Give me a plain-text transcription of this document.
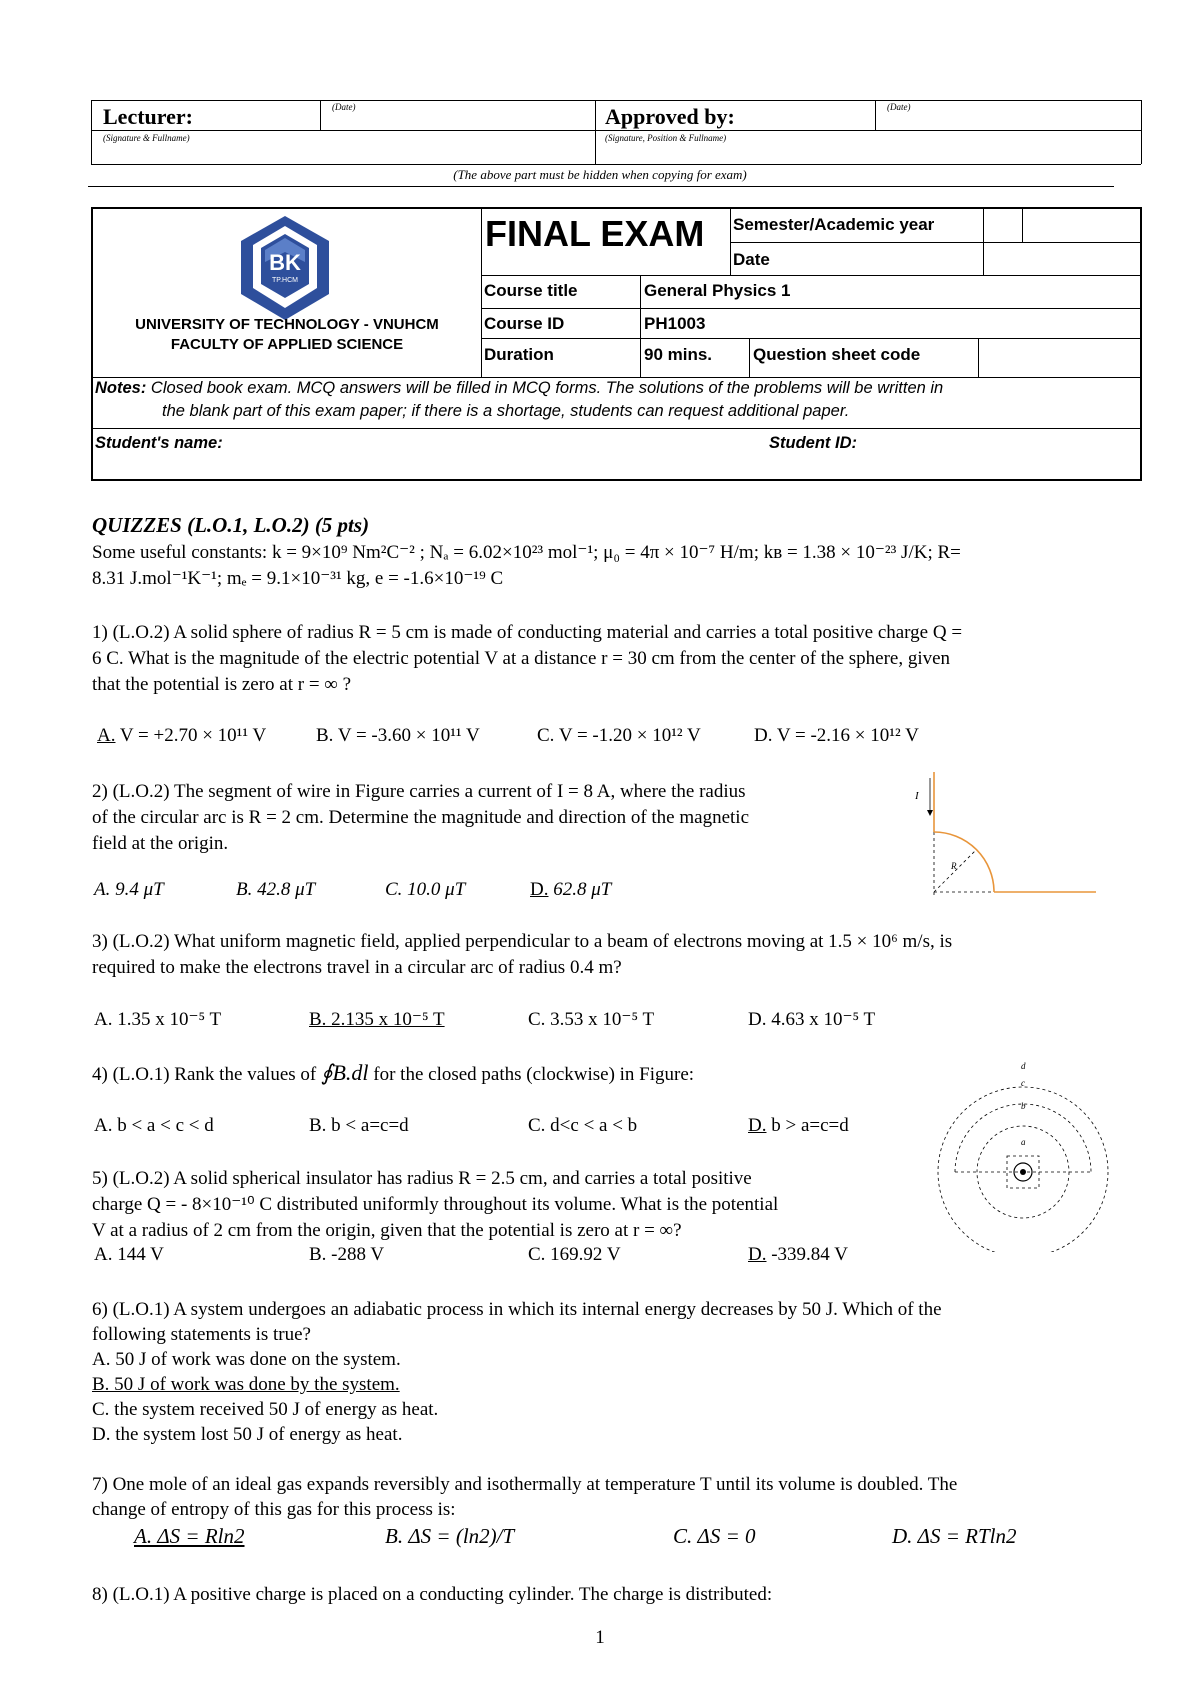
Lecturer:	(Date)
(Signature & Fullname)
Approved by:	(Date)
(Signature, Position & Fullname)
(The above part must be hidden when copying for exam)
BK
TP.HCM
UNIVERSITY OF TECHNOLOGY - VNUHCM
FACULTY OF APPLIED SCIENCE
FINAL EXAM Semester/Academic year
Date
Course title	General Physics 1
Course ID	PH1003
Duration	90 mins. Question sheet code
Notes: Closed book exam. MCQ answers will be filled in MCQ forms. The solutions of the problems will be written in
the blank part of this exam paper; if there is a shortage, students can request additional paper.
Student's name:	Student ID:
QUIZZES (L.O.1, L.O.2) (5 pts)
Some useful constants: k = 9×10⁹ Nm²C⁻² ; Nₐ = 6.02×10²³ mol⁻¹; μ₀ = 4π × 10⁻⁷ H/m; kʙ = 1.38 × 10⁻²³ J/K; R=
8.31 J.mol⁻¹K⁻¹; mₑ = 9.1×10⁻³¹ kg, e = -1.6×10⁻¹⁹ C
1) (L.O.2) A solid sphere of radius R = 5 cm is made of conducting material and carries a total positive charge Q =
6 C. What is the magnitude of the electric potential V at a distance r = 30 cm from the center of the sphere, given
that the potential is zero at r = ∞ ?
A. V = +2.70 × 10¹¹ V	B. V = -3.60 × 10¹¹ V	C. V = -1.20 × 10¹² V	D. V = -2.16 × 10¹² V
2) (L.O.2) The segment of wire in Figure carries a current of I = 8 A, where the radius
of the circular arc is R = 2 cm. Determine the magnitude and direction of the magnetic
field at the origin.
A. 9.4 μT	B. 42.8 μT	C. 10.0 μT	D. 62.8 μT
I
R
3) (L.O.2) What uniform magnetic field, applied perpendicular to a beam of electrons moving at 1.5 × 10⁶ m/s, is
required to make the electrons travel in a circular arc of radius 0.4 m?
A. 1.35 x 10⁻⁵ T	B. 2.135 x 10⁻⁵ T	C. 3.53 x 10⁻⁵ T	D. 4.63 x 10⁻⁵ T
4) (L.O.1) Rank the values of ∮B.dl for the closed paths (clockwise) in Figure:
A. b < a < c < d	B. b < a=c=d	C. d<c < a < b	D. b > a=c=d
d
c
b
a
5) (L.O.2) A solid spherical insulator has radius R = 2.5 cm, and carries a total positive
charge Q = - 8×10⁻¹⁰ C distributed uniformly throughout its volume. What is the potential
V at a radius of 2 cm from the origin, given that the potential is zero at r = ∞?
A. 144 V	B. -288 V	C. 169.92 V	D. -339.84 V
6) (L.O.1) A system undergoes an adiabatic process in which its internal energy decreases by 50 J. Which of the
following statements is true?
A. 50 J of work was done on the system.
B. 50 J of work was done by the system.
C. the system received 50 J of energy as heat.
D. the system lost 50 J of energy as heat.
7) One mole of an ideal gas expands reversibly and isothermally at temperature T until its volume is doubled. The
change of entropy of this gas for this process is:
A. ΔS = Rln2	B. ΔS = (ln2)/T	C. ΔS = 0	D. ΔS = RTln2
8) (L.O.1) A positive charge is placed on a conducting cylinder. The charge is distributed:
1
